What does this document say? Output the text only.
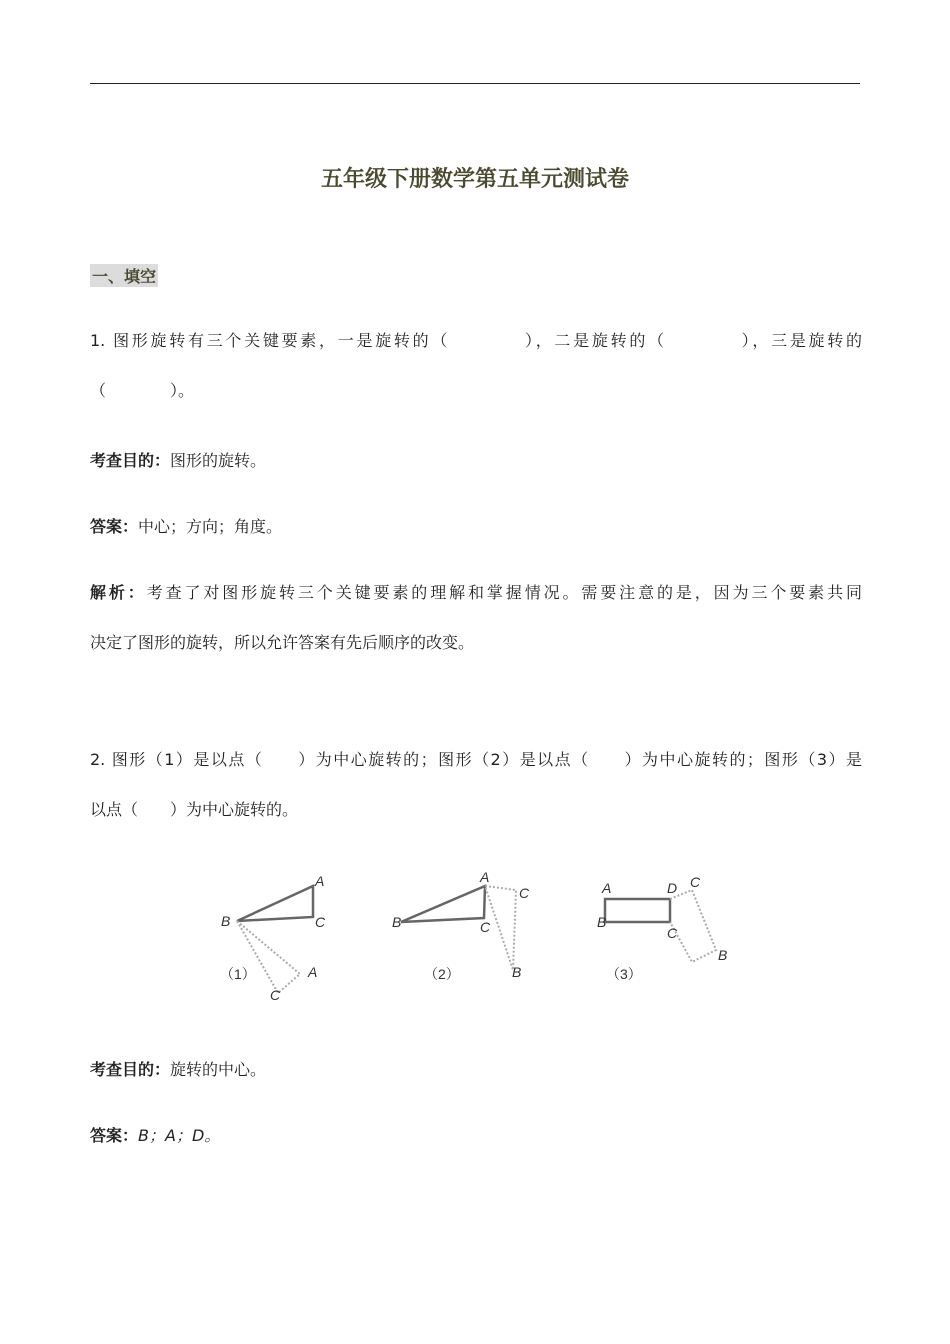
五年级下册数学第五单元测试卷
一、填空
1. 图形旋转有三个关键要素，一是旋转的（　　　　），二是旋转的（　　　　），三是旋转的
（　　　　）。
考查目的：图形的旋转。
答案：中心；方向；角度。
解析：考查了对图形旋转三个关键要素的理解和掌握情况。需要注意的是，因为三个要素共同
决定了图形的旋转，所以允许答案有先后顺序的改变。
2. 图形（1）是以点（　　）为中心旋转的；图形（2）是以点（　　）为中心旋转的；图形（3）是
以点（　　）为中心旋转的。
B
A
C
A
C
（1）
B
A
C
C
B
（2）
A
B
D C
C
B
（3）
考查目的：旋转的中心。
答案：B；A；D。
